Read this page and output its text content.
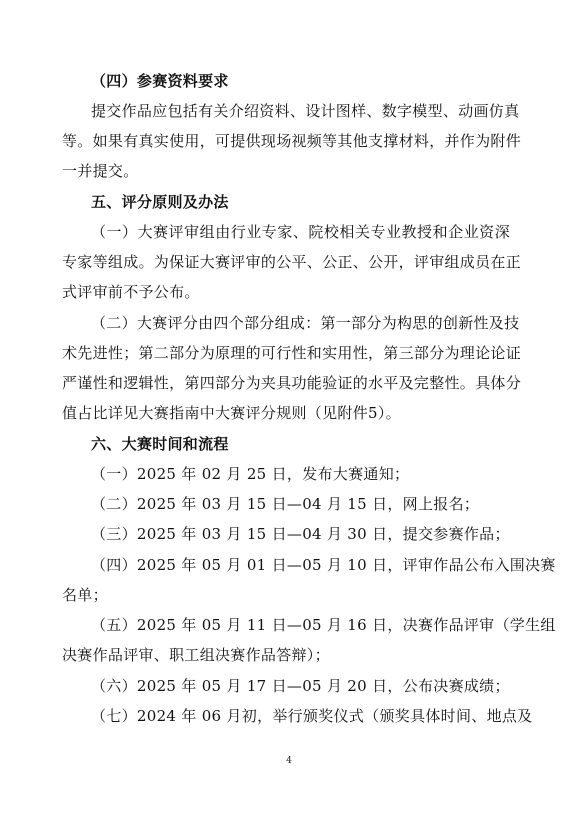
（四）参赛资料要求
提交作品应包括有关介绍资料、设计图样、数字模型、动画仿真
等。如果有真实使用，可提供现场视频等其他支撑材料，并作为附件
一并提交。
五、评分原则及办法
（一）大赛评审组由行业专家、院校相关专业教授和企业资深
专家等组成。为保证大赛评审的公平、公正、公开，评审组成员在正
式评审前不予公布。
（二）大赛评分由四个部分组成：第一部分为构思的创新性及技
术先进性；第二部分为原理的可行性和实用性，第三部分为理论论证
严谨性和逻辑性，第四部分为夹具功能验证的水平及完整性。具体分
值占比详见大赛指南中大赛评分规则（见附件5）。
六、大赛时间和流程
（一）2025 年 02 月 25 日，发布大赛通知；
（二）2025 年 03 月 15 日—04 月 15 日，网上报名；
（三）2025 年 03 月 15 日—04 月 30 日，提交参赛作品；
（四）2025 年 05 月 01 日—05 月 10 日，评审作品公布入围决赛
名单；
（五）2025 年 05 月 11 日—05 月 16 日，决赛作品评审（学生组
决赛作品评审、职工组决赛作品答辩）；
（六）2025 年 05 月 17 日—05 月 20 日，公布决赛成绩；
（七）2024 年 06 月初，举行颁奖仪式（颁奖具体时间、地点及
4
